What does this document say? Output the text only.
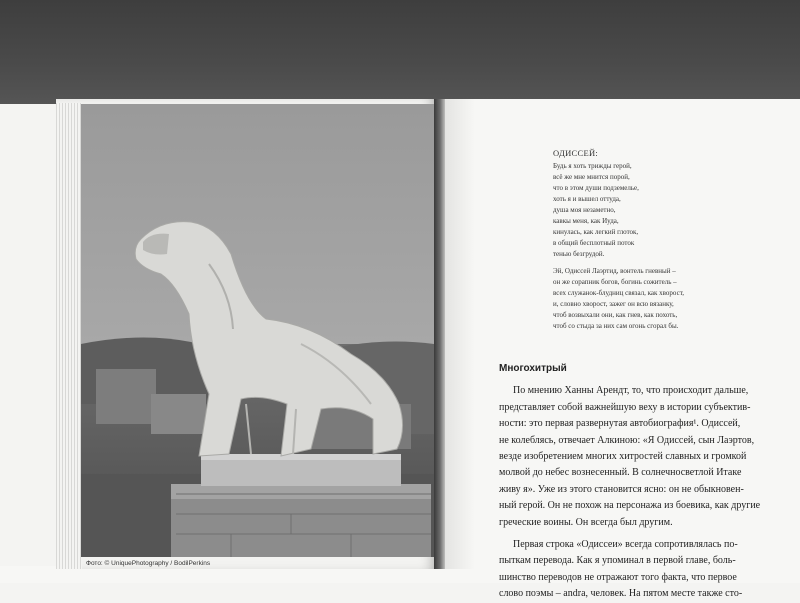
Фото: © UniquePhotography / BodilPerkins
ОДИССЕЙ:
Будь я хоть трижды герой,
всё же мне мнится порой,
что в этом души подземелье,
хоть я и вышел оттуда,
душа моя незаметно,
кавкы меня, как Иуда,
кинулась, как легкий глоток,
в общий бесплотный поток
тенью безгрудой.
Эй, Одиссей Лаэртид, вонтель гневный –
он же сорапник богов, богинь сожитель –
всех служанок-блудниц связал, как хворост,
и, словно хворост, зажег он всю вязанку,
чтоб возвыхали они, как гнев, как похоть,
чтоб со стыда за них сам огонь сгорал бы.
Многохитрый
По мнению Ханны Арендт, то, что происходит дальше,
представляет собой важнейшую веху в истории субъектив-
ности: это первая развернутая автобиография¹. Одиссей,
не колеблясь, отвечает Алкиною: «Я Одиссей, сын Лаэртов,
везде изобретением многих хитростей славных и громкой
молвой до небес вознесенный. В солнечносветлой Итаке
живу я». Уже из этого становится ясно: он не обыкновен-
ный герой. Он не похож на персонажа из боевика, как другие
греческие воины. Он всегда был другим.
Первая строка «Одиссеи» всегда сопротивлялась по-
пыткам перевода. Как я упоминал в первой главе, боль-
шинство переводов не отражают того факта, что первое
слово поэмы – andra, человек. На пятом месте также сто-
